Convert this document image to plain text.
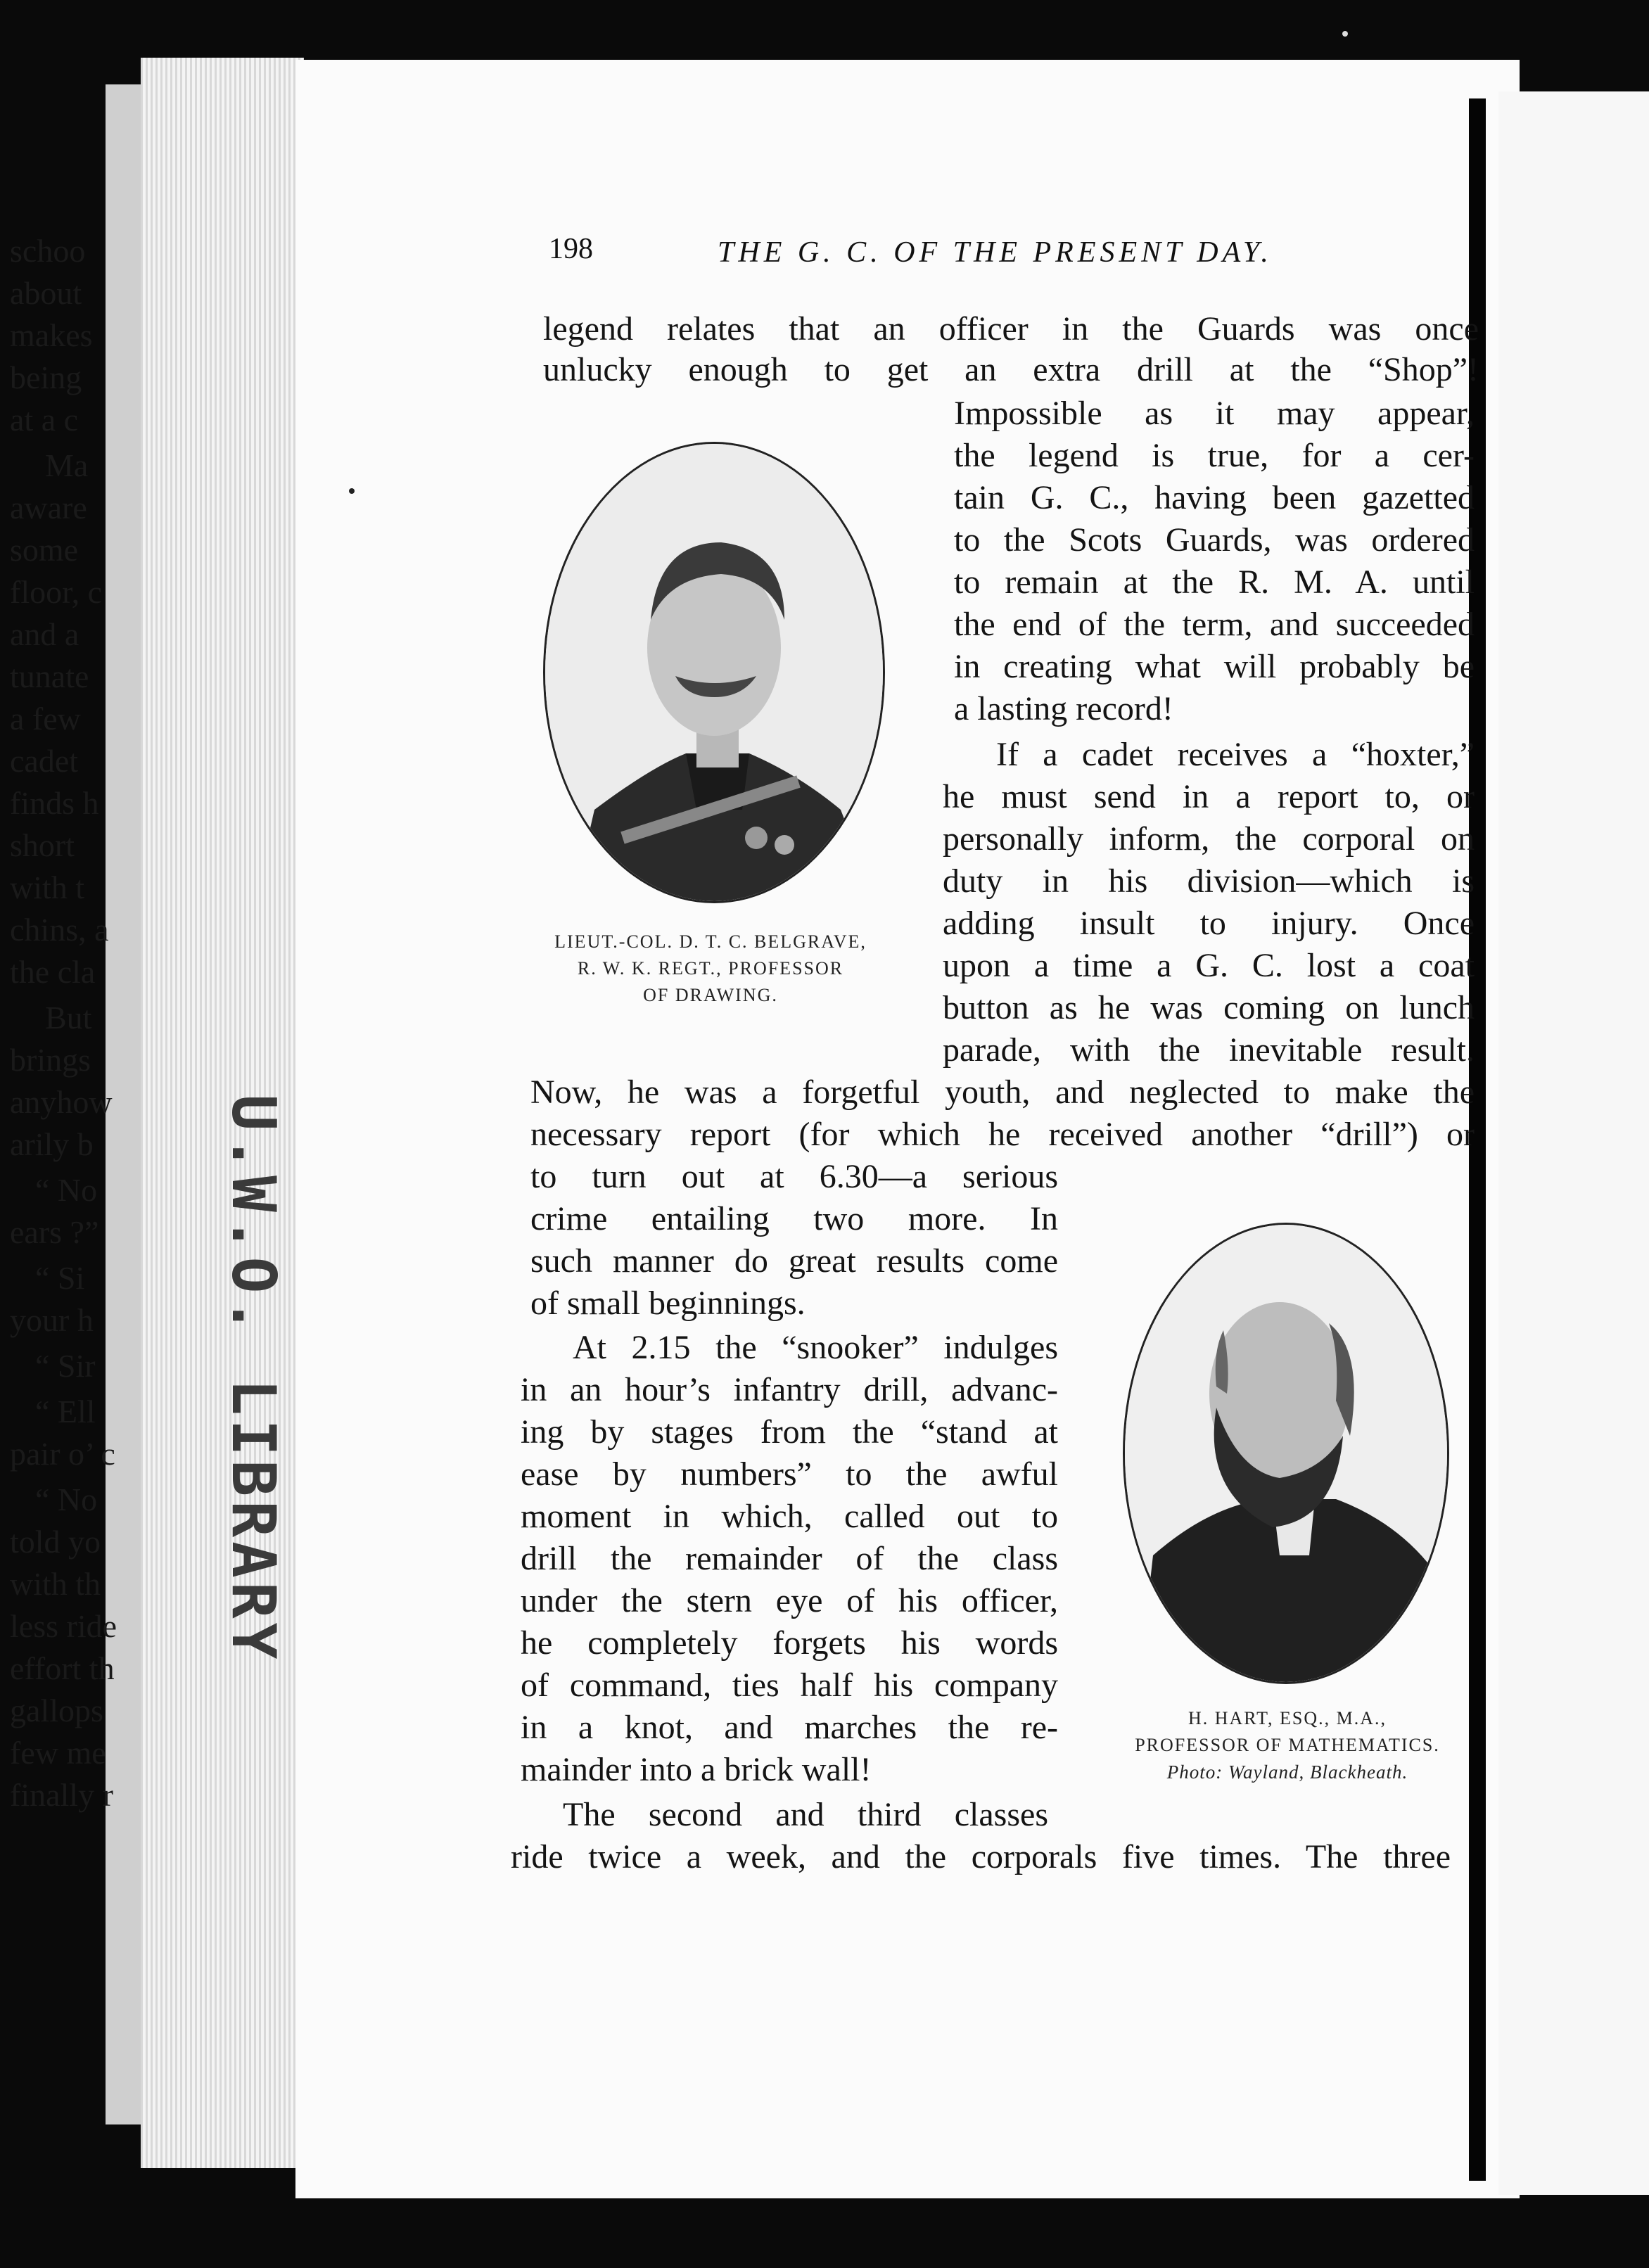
U.W.O. LIBRARY
198	THE G. C. OF THE PRESENT DAY.
legend relates that an officer in the Guards was once
unlucky enough to get an extra drill at the “Shop”!
LIEUT.-COL. D. T. C. BELGRAVE,
R. W. K. REGT., PROFESSOR
OF DRAWING.
Impossible as it may appear,
the legend is true, for a cer-
tain G. C., having been gazetted
to the Scots Guards, was ordered
to remain at the R. M. A. until
the end of the term, and succeeded
in creating what will probably be
a lasting record!
If a cadet receives a “hoxter,”
he must send in a report to, or
personally inform, the corporal on
duty in his division—which is
adding insult to injury. Once
upon a time a G. C. lost a coat
button as he was coming on lunch
parade, with the inevitable result.
Now, he was a forgetful youth, and neglected to make the
necessary report (for which he received another “drill”) or
to turn out at 6.30—a serious
crime entailing two more. In
such manner do great results come
of small beginnings.
At 2.15 the “snooker” indulges
in an hour’s infantry drill, advanc-
ing by stages from the “stand at
ease by numbers” to the awful
moment in which, called out to
drill the remainder of the class
under the stern eye of his officer,
he completely forgets his words
of command, ties half his company
in a knot, and marches the re-
mainder into a brick wall!
The second and third classes
H. HART, ESQ., M.A.,
PROFESSOR OF MATHEMATICS.
Photo: Wayland, Blackheath.
ride twice a week, and the corporals five times. The three
schoo
about
makes
being
at a c
Ma
aware
some
floor, c
and a
tunate
a few
cadet
finds h
short
with t
chins, a
the cla
But
brings
anyhow
arily b
“ No
ears ?”
“ Si
your h
“ Sir
“ Ell
pair o’ c
“ No
told yo
with th
less ride
effort th
gallops
few me
finally r
